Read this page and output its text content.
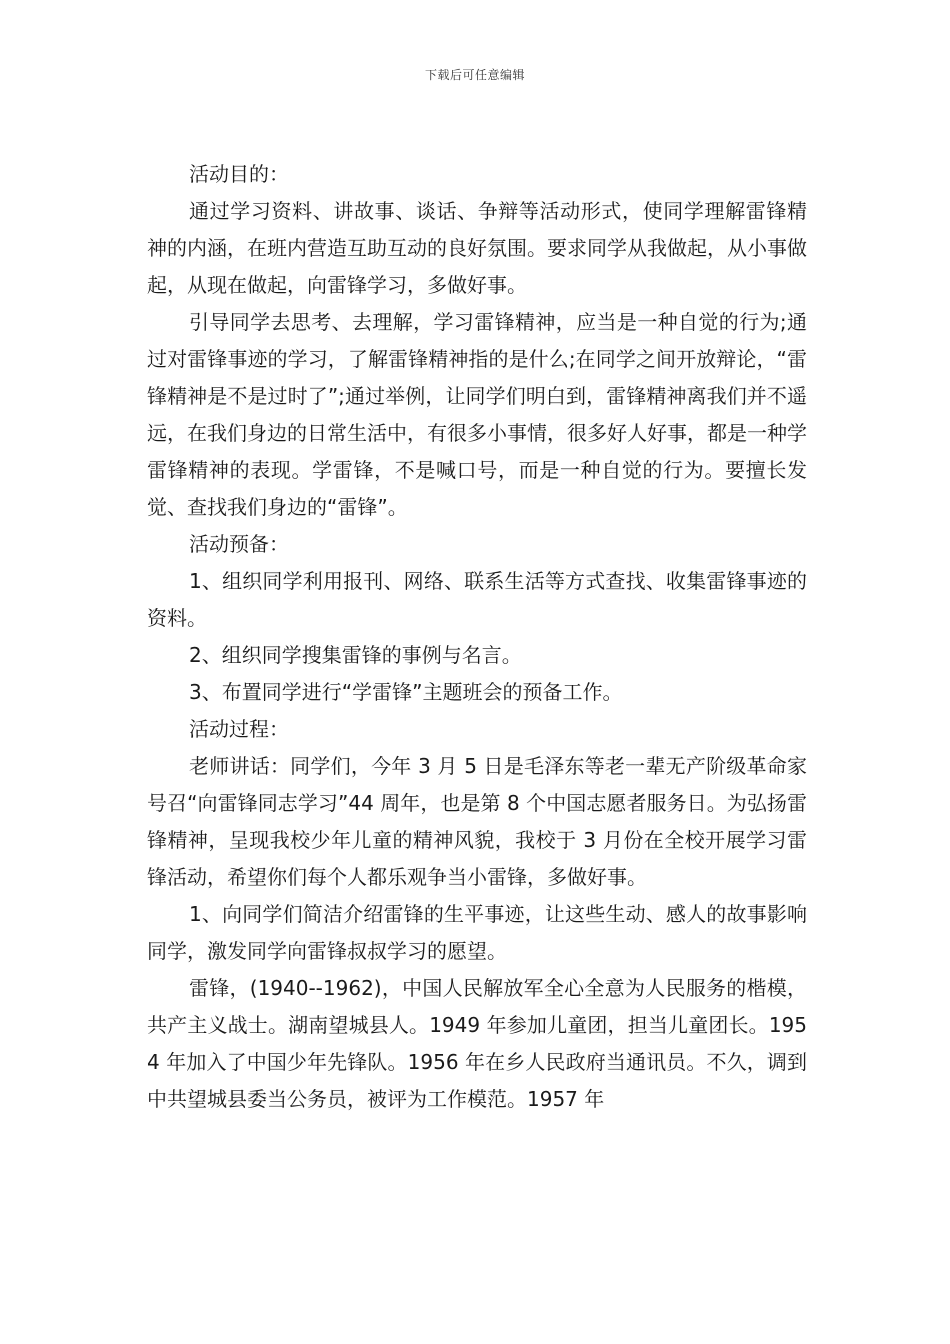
下载后可任意编辑

活动目的：

通过学习资料、讲故事、谈话、争辩等活动形式，使同学理解雷锋精神的内涵，在班内营造互助互动的良好氛围。要求同学从我做起，从小事做起，从现在做起，向雷锋学习，多做好事。

引导同学去思考、去理解，学习雷锋精神，应当是一种自觉的行为;通过对雷锋事迹的学习，了解雷锋精神指的是什么;在同学之间开放辩论，“雷锋精神是不是过时了”;通过举例，让同学们明白到，雷锋精神离我们并不遥远，在我们身边的日常生活中，有很多小事情，很多好人好事，都是一种学雷锋精神的表现。学雷锋，不是喊口号，而是一种自觉的行为。要擅长发觉、查找我们身边的“雷锋”。

活动预备：

1、组织同学利用报刊、网络、联系生活等方式查找、收集雷锋事迹的资料。

2、组织同学搜集雷锋的事例与名言。

3、布置同学进行“学雷锋”主题班会的预备工作。

活动过程：

老师讲话：同学们，今年 3 月 5 日是毛泽东等老一辈无产阶级革命家号召“向雷锋同志学习”44 周年，也是第 8 个中国志愿者服务日。为弘扬雷锋精神，呈现我校少年儿童的精神风貌，我校于 3 月份在全校开展学习雷锋活动，希望你们每个人都乐观争当小雷锋，多做好事。

1、向同学们简洁介绍雷锋的生平事迹，让这些生动、感人的故事影响同学，激发同学向雷锋叔叔学习的愿望。

雷锋，(1940--1962)，中国人民解放军全心全意为人民服务的楷模，共产主义战士。湖南望城县人。1949 年参加儿童团，担当儿童团长。1954 年加入了中国少年先锋队。1956 年在乡人民政府当通讯员。不久，调到中共望城县委当公务员，被评为工作模范。1957 年
